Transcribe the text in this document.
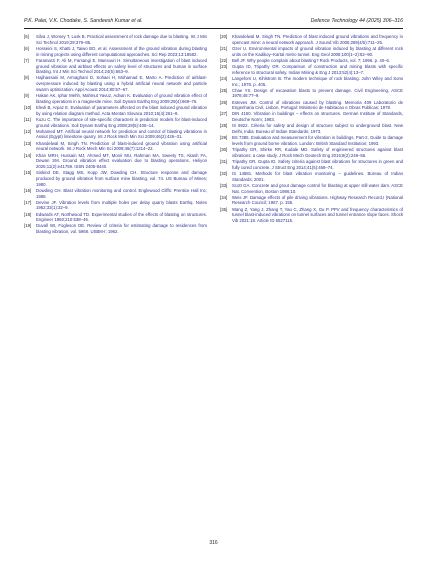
P.K. Palei, V.K. Chodake, S. Sandeesh Kumar et al.	Defence Technology 44 (2025) 306–316
[5]	Silva J, Worsey T, Lusk B. Practical assessment of rock damage due to blasting. Int J Min Sci Technol 2019;29:379–85.
[6]	Hosseini S, Khatti J, Taiwo BO, et al. Assessment of the ground vibration during blasting in mining projects using different computational approaches. Sci Rep 2023;13:18582.
[7]	Faramarzi F, Ali M, Farsangi E, Mansouri H. Simultaneous investigation of blast induced ground vibration and airblast effects on safety level of structures and human in surface blasting. Int J Min Sci Technol 2014;24(5):663–9.
[8]	Hajihassani M, Armaghani D, Sohaei H, Mohamad E, Marto A. Prediction of airblast-overpressure induced by blasting using a hybrid artificial neural network and particle swarm optimization. Appl Acoust 2014;80:57–67.
[9]	Hakan AK, Iphar Mehh, Mahmut Yavuz, Adnan K. Evaluation of ground vibration effect of blasting operations in a magnesite mine. Soil Dynam Earthq Eng 2009;29(4):669–76.
[10]	Elevli B, Arpaz E. Evaluation of parameters affected on the blast induced ground vibration by using relation diagram method. Acta Montan Slovaca 2010;15(4):261–8.
[11]	Kuzu C. The importance of site-specific characters in prediction models for blast-induced ground vibrations. Soil Dynam Earthq Eng 2008;28(5):405–14.
[12]	Mohamed MT. Artificial neural network for prediction and control of blasting vibrations in Assiut (Egypt) limestone quarry. Int J Rock Mech Min Sci 2009;46(2):426–31.
[13]	Khandelwal M, Singh TN. Prediction of blast-induced ground vibration using artificial neural network. Int J Rock Mech Min Sci 2009;46(7):1214–22.
[14]	Khan MRH, Hussain MJ, Ahmed MT, Monir MU, Rahman MA, Sweety TS, Akash FA, Dewan SM. Ground vibration effect evaluation due to blasting operations. Heliyon 2025;11(2):e41759. ISSN 2405-8440.
[15]	Siskind DE, Stagg MS, Kopp JW, Dowding CH. Structure response and damage produced by ground vibration from surface mine blasting, vol. 74. US Bureau of Mines; 1980.
[16]	Dowding CH. Blast vibration monitoring and control. Englewood Cliffs: Prentice Hall Inc; 1985.
[17]	Devine JF. Vibration levels from multiple holes per delay quarry blasts Earthq. Notes 1962;33(1):32–9.
[18]	Edwards AT, Northwood TD. Experimental studies of the effects of blasting on structures. Engineer 1960;210:538–46.
[19]	Duvall WI, Fogleson DE. Review of criteria for estimating damage to residences from blasting vibration, vol. 5968. USBM-I; 1962.
[20]	Khandelwal M, Singh TN. Prediction of blast induced ground vibrations and frequency in opencast mine: a neural network approach. J Sound Vib 2006;289(4/5):711–25.
[21]	Ozer U. Environmental impacts of ground vibration induced by blasting at different rock units on the Kadikoy–Kartal metro tunnel. Eng Geol 2008;100(1–2):82–90.
[22]	Bell JF. Why people complain about blasting? Rock Products, vol. 7; 1996. p. 40–6.
[23]	Gupta ID, Tripathy GR. Comparison of construction and mining blasts with specific reference to structural safety. Indian Mining & Eng J 2013;52(4):13–7.
[24]	Langefors U, Kihlstrom B. The modern technique of rock blasting. John Wiley and Sons Inc.; 1978. p. 405.
[25]	Chae YS. Design of excavation blasts to prevent damage. Civil Engineering, ASCE 1978;48:77–9.
[26]	Esteves JM. Control of vibrations caused by blasting. Memoria 409 Laboratorio de Engenharia Civil, Lisbon, Portugal: Ministerio de Habitacao e Obras Publicas; 1978.
[27]	DIN 4150. Vibration in buildings – effects on structures. German Institute of Standards, Deutsche Norm; 1983.
[28]	IS 6922. Criteria for safety and design of structure subject to underground blast. New Delhi, India: Bureau of Indian Standards; 1973.
[29]	BS 7385. Evaluation and measurement for vibration in buildings, Part-2, Guide to damage levels from ground borne vibration. London: British Standard Institution; 1993.
[30]	Tripathy GR, Shirke RR, Kudale MD. Safety of engineered structures against blast vibrations: a case study. J Rock Mech Geotech Eng 2016;8(2):248–55.
[31]	Tripathy GR, Gupta ID. Safety criteria against blast vibrations for structures in green and fully cured concrete. J Struct Eng 2014;41(5):468–74.
[32]	IS 14881. Methods for blast vibration monitoring – guidelines. Bureau of Indian Standards; 2001.
[33]	Scott GA. Concrete and grout damage control for blasting at upper still water dam. ASCE Nat. Convention, Boston 1986;10.
[34]	Weis JF. Damage effects of pile driving vibrations. Highway Research Record,I (National Research Council; 1967. p. 155.
[35]	Wang Z, Yang J, Zhang T, Yao C, Zhang X, Gu P. PPV and frequency characteristics of tunnel blast-induced vibrations on tunnel surfaces and tunnel entrance slope faces. Shock Vib 2021:18. Article ID 5527115.
316
